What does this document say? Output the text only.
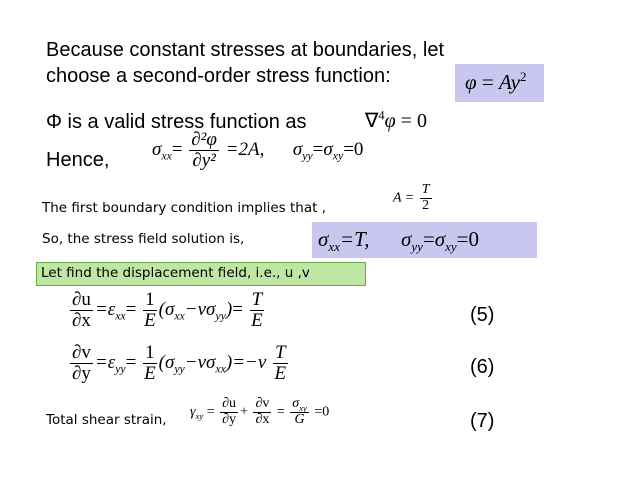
Because constant stresses at boundaries, let
choose a second-order stress function:	$\varphi = Ay^2$
Φ is a valid stress function as	∇$^4$φ = 0
Hence, $\sigma_{xx}= \frac{\text{∂²φ}}{\text{∂y²}} =2A$, $\sigma_{yy}=\sigma_{xy}=0$
The first boundary condition implies that ,
$A = \frac{T}{2}$
So, the stress field solution is,	$\sigma_{xx}=T$, $\sigma_{yy}=\sigma_{xy}=0$
Let find the displacement field, i.e., u ,v
$\frac{\partial u}{\partial x} =\varepsilon_{xx}= \frac{1}{E} (\sigma_{xx}-\nu\sigma_{yy})= \frac{T}{E}$	(5)
$\frac{\partial v}{\partial y} =\varepsilon_{yy}= \frac{1}{E} (\sigma_{yy}-\nu\sigma_{xx})=-\nu \frac{T}{E}$	(6)
Total shear strain,
$\gamma_{xy} = \frac{\partial u}{\partial y} + \frac{\partial v}{\partial x} = \frac{\sigma_{xy}}{G} =0$	(7)
